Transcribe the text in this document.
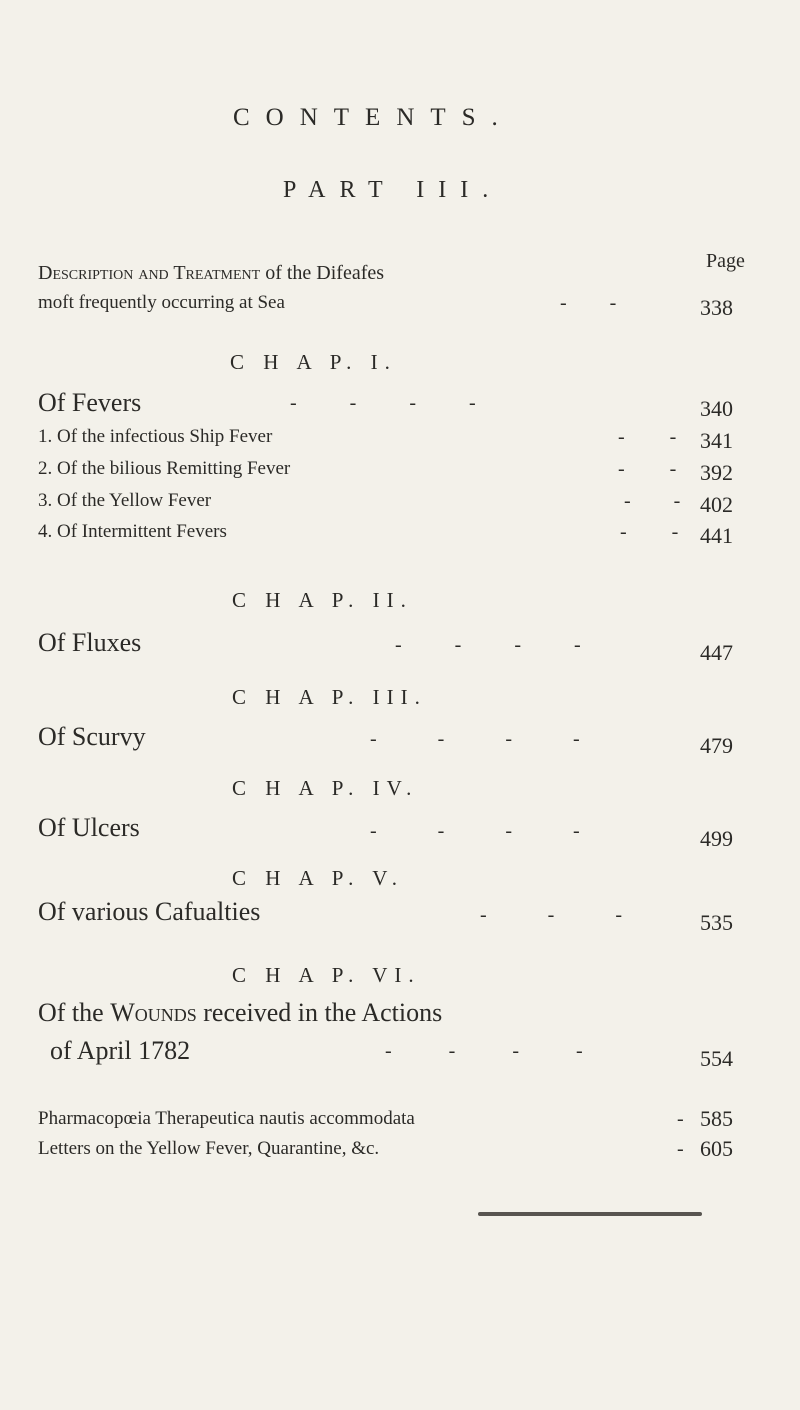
CONTENTS.
PART III.
Page
Description and Treatment of the Difeafes
moft frequently occurring at Sea	- -	338
C H A P. I.
Of Fevers	- - - -	340
1. Of the infectious Ship Fever	- - 341
2. Of the bilious Remitting Fever	- - 392
3. Of the Yellow Fever	- - 402
4. Of Intermittent Fevers	- - 441
C H A P. II.
Of Fluxes	- - - -	447
C H A P. III.
Of Scurvy	- - - -	479
C H A P. IV.
Of Ulcers	- - - -	499
C H A P. V.
Of various Cafualties	- - -	535
C H A P. VI.
Of the Wounds received in the Actions
of April 1782	- - - -	554
Pharmacopœia Therapeutica nautis accommodata	- 585
Letters on the Yellow Fever, Quarantine, &c.	- 605
